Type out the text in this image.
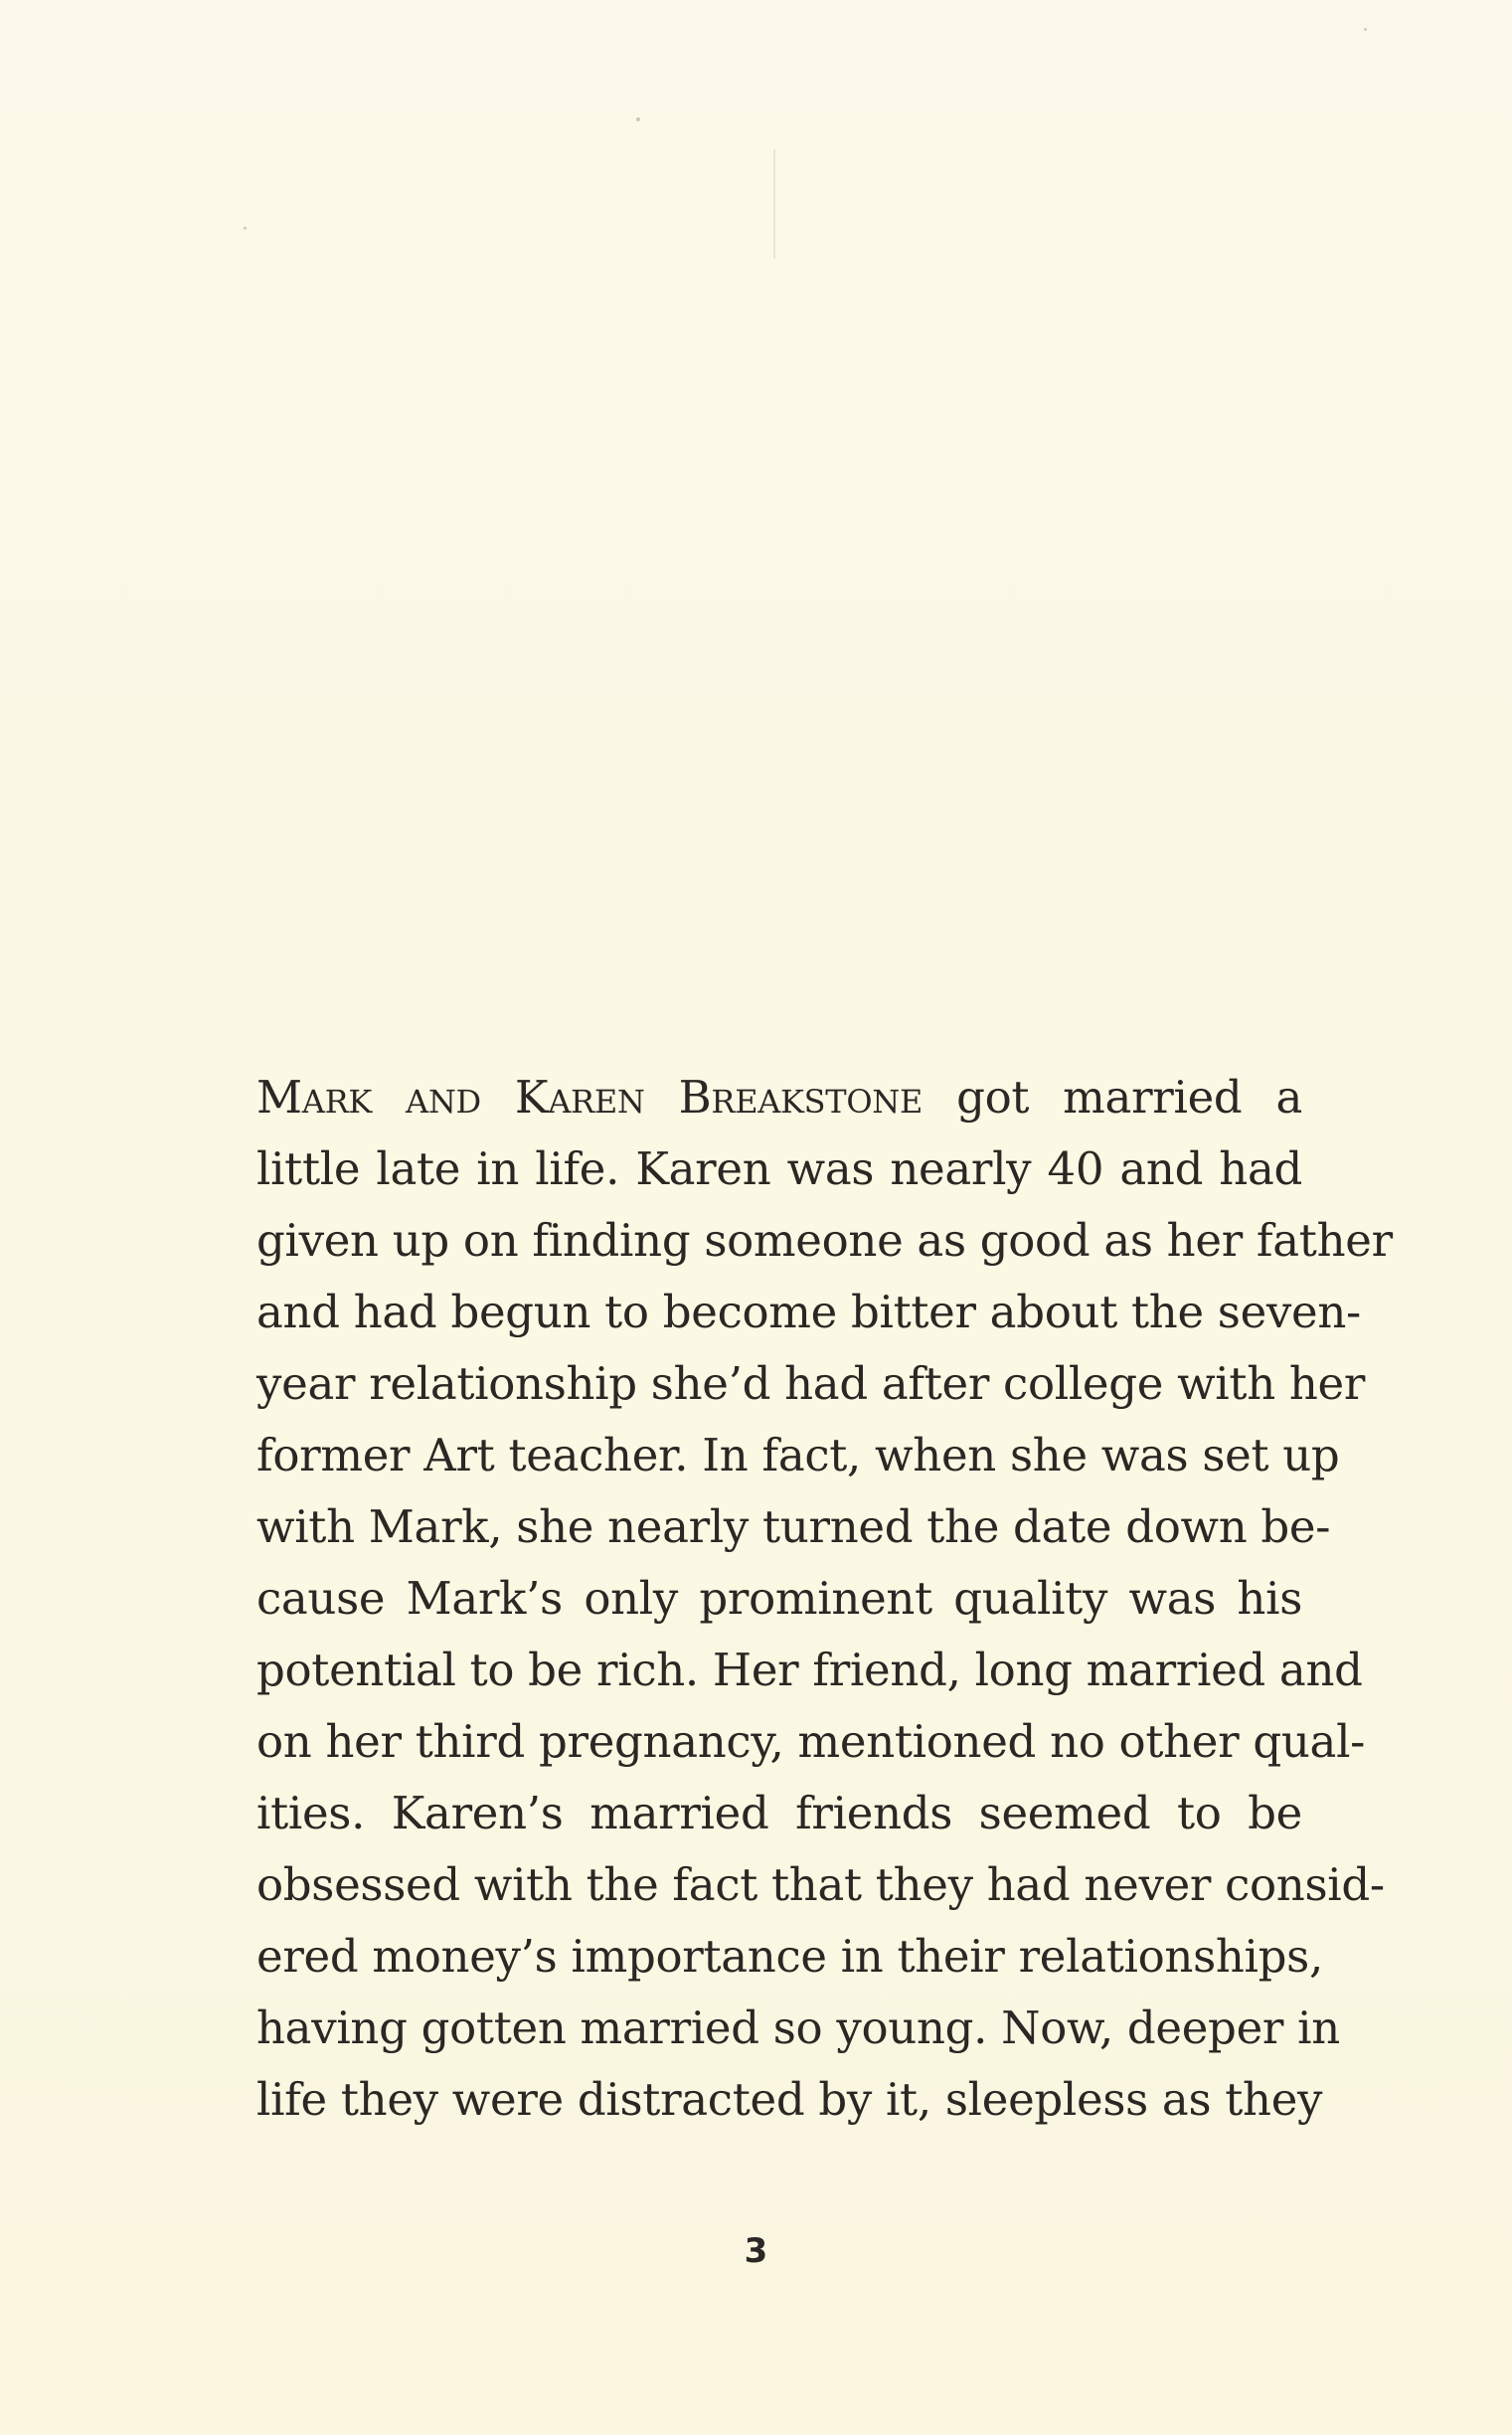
Mark and Karen Breakstone got married a
little late in life. Karen was nearly 40 and had
given up on finding someone as good as her father
and had begun to become bitter about the seven-
year relationship she’d had after college with her
former Art teacher. In fact, when she was set up
with Mark, she nearly turned the date down be-
cause Mark’s only prominent quality was his
potential to be rich. Her friend, long married and
on her third pregnancy, mentioned no other qual-
ities. Karen’s married friends seemed to be
obsessed with the fact that they had never consid-
ered money’s importance in their relationships,
having gotten married so young. Now, deeper in
life they were distracted by it, sleepless as they
3
